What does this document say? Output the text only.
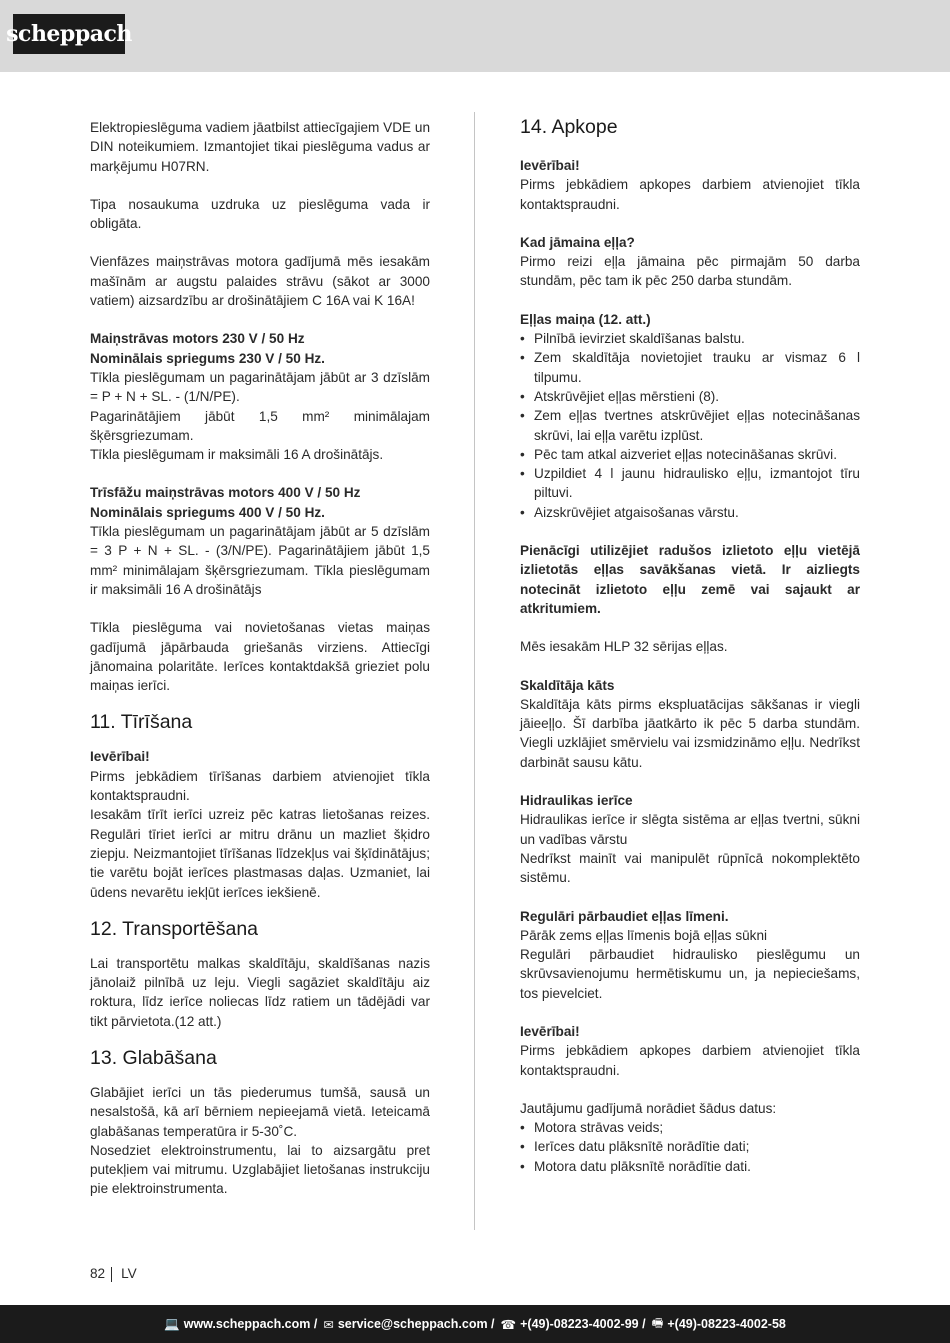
scheppach

Elektropieslēguma vadiem jāatbilst attiecīgajiem VDE un DIN noteikumiem. Izmantojiet tikai pieslēguma vadus ar marķējumu H07RN.

Tipa nosaukuma uzdruka uz pieslēguma vada ir obligāta.

Vienfāzes maiņstrāvas motora gadījumā mēs iesakām mašīnām ar augstu palaides strāvu (sākot ar 3000 vatiem) aizsardzību ar drošinātājiem C 16A vai K 16A!

Maiņstrāvas motors 230 V / 50 Hz

Nominālais spriegums 230 V / 50 Hz.

Tīkla pieslēgumam un pagarinātājam jābūt ar 3 dzīslām = P + N + SL. - (1/N/PE).

Pagarinātājiem jābūt 1,5 mm² minimālajam šķērsgriezumam.

Tīkla pieslēgumam ir maksimāli 16 A drošinātājs.

Trīsfāžu maiņstrāvas motors 400 V / 50 Hz

Nominālais spriegums 400 V / 50 Hz.

Tīkla pieslēgumam un pagarinātājam jābūt ar 5 dzīslām = 3 P + N + SL. - (3/N/PE). Pagarinātājiem jābūt 1,5 mm² minimālajam šķērsgriezumam. Tīkla pieslēgumam ir maksimāli 16 A drošinātājs

Tīkla pieslēguma vai novietošanas vietas maiņas gadījumā jāpārbauda griešanās virziens. Attiecīgi jānomaina polaritāte. Ierīces kontaktdakšā grieziet polu maiņas ierīci.

11. Tīrīšana

Ievērībai!

Pirms jebkādiem tīrīšanas darbiem atvienojiet tīkla kontaktspraudni.

Iesakām tīrīt ierīci uzreiz pēc katras lietošanas reizes. Regulāri tīriet ierīci ar mitru drānu un mazliet šķidro ziepju. Neizmantojiet tīrīšanas līdzekļus vai šķīdinātājus; tie varētu bojāt ierīces plastmasas daļas. Uzmaniet, lai ūdens nevarētu iekļūt ierīces iekšienē.

12. Transportēšana

Lai transportētu malkas skaldītāju, skaldīšanas nazis jānolaiž pilnībā uz leju. Viegli sagāziet skaldītāju aiz roktura, līdz ierīce noliecas līdz ratiem un tādējādi var tikt pārvietota.(12 att.)

13. Glabāšana

Glabājiet ierīci un tās piederumus tumšā, sausā un nesalstošā, kā arī bērniem nepieejamā vietā. Ieteicamā glabāšanas temperatūra ir 5-30˚C.

Nosedziet elektroinstrumentu, lai to aizsargātu pret putekļiem vai mitrumu. Uzglabājiet lietošanas instrukciju pie elektroinstrumenta.

14. Apkope

Ievērībai!

Pirms jebkādiem apkopes darbiem atvienojiet tīkla kontaktspraudni.

Kad jāmaina eļļa?

Pirmo reizi eļļa jāmaina pēc pirmajām 50 darba stundām, pēc tam ik pēc 250 darba stundām.

Eļļas maiņa (12. att.)

• Pilnībā ievirziet skaldīšanas balstu.
• Zem skaldītāja novietojiet trauku ar vismaz 6 l tilpumu.
• Atskrūvējiet eļļas mērstieni (8).
• Zem eļļas tvertnes atskrūvējiet eļļas notecināšanas skrūvi, lai eļļa varētu izplūst.
• Pēc tam atkal aizveriet eļļas notecināšanas skrūvi.
• Uzpildiet 4 l jaunu hidraulisko eļļu, izmantojot tīru piltuvi.
• Aizskrūvējiet atgaisošanas vārstu.

Pienācīgi utilizējiet radušos izlietoto eļļu vietējā izlietotās eļļas savākšanas vietā. Ir aizliegts notecināt izlietoto eļļu zemē vai sajaukt ar atkritumiem.

Mēs iesakām HLP 32 sērijas eļļas.

Skaldītāja kāts

Skaldītāja kāts pirms ekspluatācijas sākšanas ir viegli jāieeļļo. Šī darbība jāatkārto ik pēc 5 darba stundām. Viegli uzklājiet smērvielu vai izsmidzināmo eļļu. Nedrīkst darbināt sausu kātu.

Hidraulikas ierīce

Hidraulikas ierīce ir slēgta sistēma ar eļļas tvertni, sūkni un vadības vārstu

Nedrīkst mainīt vai manipulēt rūpnīcā nokomplektēto sistēmu.

Regulāri pārbaudiet eļļas līmeni.

Pārāk zems eļļas līmenis bojā eļļas sūkni

Regulāri pārbaudiet hidraulisko pieslēgumu un skrūvsavienojumu hermētiskumu un, ja nepieciešams, tos pievelciet.

Ievērībai!

Pirms jebkādiem apkopes darbiem atvienojiet tīkla kontaktspraudni.

Jautājumu gadījumā norādiet šādus datus:

• Motora strāvas veids;
• Ierīces datu plāksnītē norādītie dati;
• Motora datu plāksnītē norādītie dati.
82 LV
💻 www.scheppach.com / ✉ service@scheppach.com / ☎ +(49)-08223-4002-99 / 🖷 +(49)-08223-4002-58
